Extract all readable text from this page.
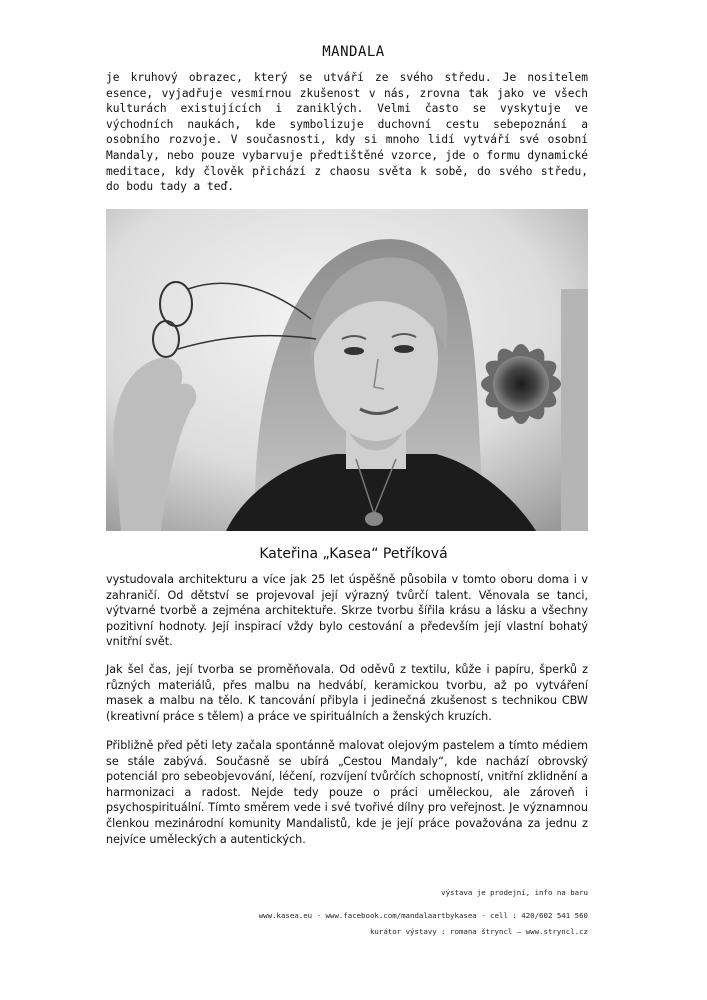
MANDALA

je kruhový obrazec, který se utváří ze svého středu. Je nositelem esence, vyjadřuje vesmírnou zkušenost v nás, zrovna tak jako ve všech kulturách existujících i zaniklých. Velmi často se vyskytuje ve východních naukách, kde symbolizuje duchovní cestu sebepoznání a osobního rozvoje. V současnosti, kdy si mnoho lidí vytváří své osobní Mandaly, nebo pouze vybarvuje předtištěné vzorce, jde o formu dynamické meditace, kdy člověk přichází z chaosu světa k sobě, do svého středu, do bodu tady a teď.

Kateřina „Kasea“ Petříková

vystudovala architekturu a více jak 25 let úspěšně působila v tomto oboru doma i v zahraničí. Od dětství se projevoval její výrazný tvůrčí talent. Věnovala se tanci, výtvarné tvorbě a zejména architektuře. Skrze tvorbu šířila krásu a lásku a všechny pozitivní hodnoty. Její inspirací vždy bylo cestování a především její vlastní bohatý vnitřní svět.

Jak šel čas, její tvorba se proměňovala. Od oděvů z textilu, kůže i papíru, šperků z různých materiálů, přes malbu na hedvábí, keramickou tvorbu, až po vytváření masek a malbu na tělo. K tancování přibyla i jedinečná zkušenost s technikou CBW (kreativní práce s tělem) a práce ve spirituálních a ženských kruzích.

Přibližně před pěti lety začala spontánně malovat olejovým pastelem a tímto médiem se stále zabývá. Současně se ubírá „Cestou Mandaly“, kde nachází obrovský potenciál pro sebeobjevování, léčení, rozvíjení tvůrčích schopností, vnitřní zklidnění a harmonizaci a radost. Nejde tedy pouze o práci uměleckou, ale zároveň i psychospirituální. Tímto směrem vede i své tvořivé dílny pro veřejnost. Je významnou členkou mezinárodní komunity Mandalistů, kde je její práce považována za jednu z nejvíce uměleckých a autentických.

výstava je prodejní, info na baru
www.kasea.eu - www.facebook.com/mandalaartbykasea - cell : 420/602 541 560
kurátor výstavy : romana štryncl – www.stryncl.cz
